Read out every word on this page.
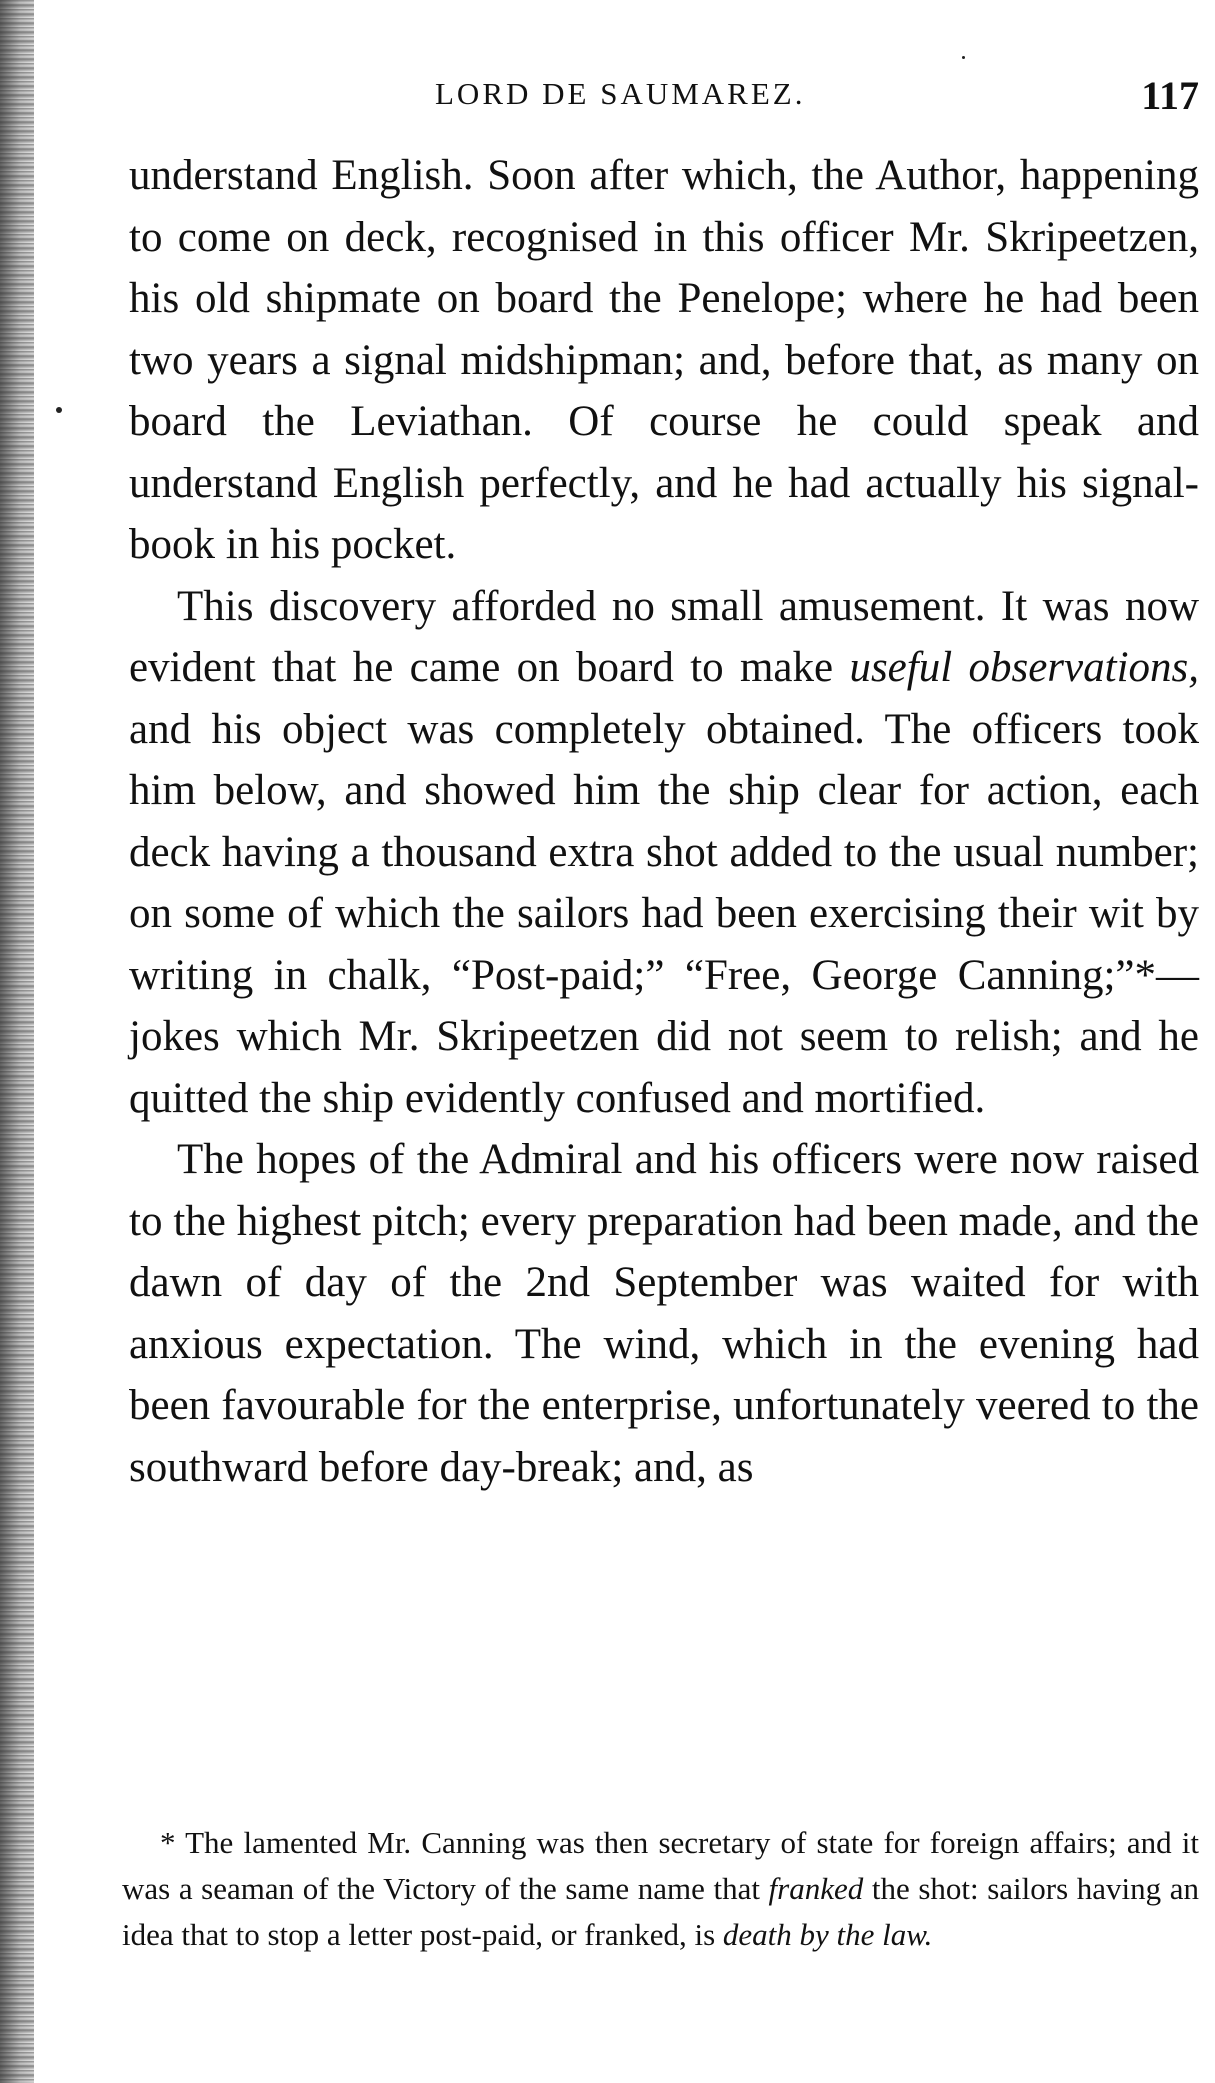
LORD DE SAUMAREZ.	117

understand English. Soon after which, the Author, happening to come on deck, recognised in this officer Mr. Skripeetzen, his old shipmate on board the Penelope; where he had been two years a signal midshipman; and, before that, as many on board the Leviathan. Of course he could speak and understand English perfectly, and he had actually his signal-book in his pocket.

This discovery afforded no small amusement. It was now evident that he came on board to make useful observations, and his object was completely obtained. The officers took him below, and showed him the ship clear for action, each deck having a thousand extra shot added to the usual number; on some of which the sailors had been exercising their wit by writing in chalk, “Post-paid;” “Free, George Canning;”*—jokes which Mr. Skripeetzen did not seem to relish; and he quitted the ship evidently confused and mortified.

The hopes of the Admiral and his officers were now raised to the highest pitch; every preparation had been made, and the dawn of day of the 2nd September was waited for with anxious expectation. The wind, which in the evening had been favourable for the enterprise, unfortunately veered to the southward before day-break; and, as

* The lamented Mr. Canning was then secretary of state for foreign affairs; and it was a seaman of the Victory of the same name that franked the shot: sailors having an idea that to stop a letter post-paid, or franked, is death by the law.
